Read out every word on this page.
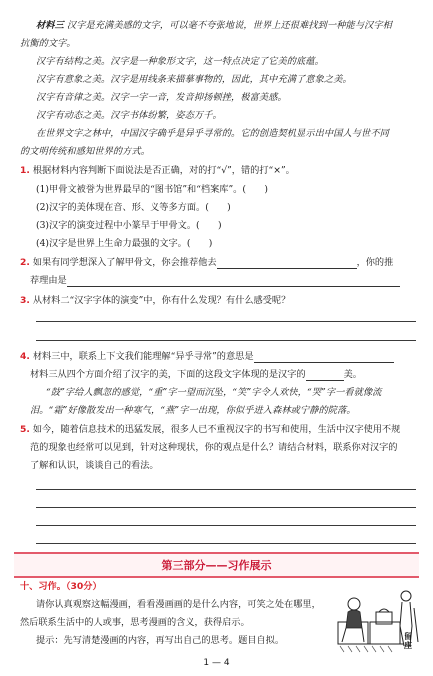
材料三 汉字是充满美感的文字，可以毫不夸张地说，世界上还很难找到一种能与汉字相
抗衡的文字。
汉字有结构之美。汉字是一种象形文字，这一特点决定了它美的底蕴。
汉字有意象之美。汉字是用线条来描摹事物的，因此，其中充满了意象之美。
汉字有音律之美。汉字一字一音，发音抑扬顿挫，极富美感。
汉字有动态之美。汉字书体纷繁，姿态万千。
在世界文字之林中，中国汉字确乎是异乎寻常的。它的创造契机显示出中国人与世不同
的文明传统和感知世界的方式。
1. 根据材料内容判断下面说法是否正确，对的打“√”，错的打“×”。
(1)甲骨文被誉为世界最早的“图书馆”和“档案库”。(　　)
(2)汉字的美体现在音、形、义等多方面。(　　)
(3)汉字的演变过程中小篆早于甲骨文。(　　)
(4)汉字是世界上生命力最强的文字。(　　)
2. 如果有同学想深入了解甲骨文，你会推荐他去	，你的推
荐理由是
3. 从材料二“汉字字体的演变”中，你有什么发现？有什么感受呢？
4. 材料三中，联系上下文我们能理解“异乎寻常”的意思是
材料三从四个方面介绍了汉字的美，下面的这段文字体现的是汉字的	美。
“鼓”字给人飘忽的感觉，“重”字一望而沉坠，“笑”字令人欢快，“哭”字一看就像流
泪。“霜”好像散发出一种寒气，“燕”字一出现，你似乎进入森林或宁静的院落。
5. 如今，随着信息技术的迅猛发展，很多人已不重视汉字的书写和使用，生活中汉字使用不规
范的现象也经常可以见到，针对这种现状，你的观点是什么？请结合材料，联系你对汉字的
了解和认识，谈谈自己的看法。
第三部分——习作展示
十、习作。（30分）
请你认真观察这幅漫画，看看漫画画的是什么内容，可笑之处在哪里，
然后联系生活中的人或事，思考漫画的含义，获得启示。
提示：先写清楚漫画的内容，再写出自己的思考。题目自拟。	留
座
1 — 4
